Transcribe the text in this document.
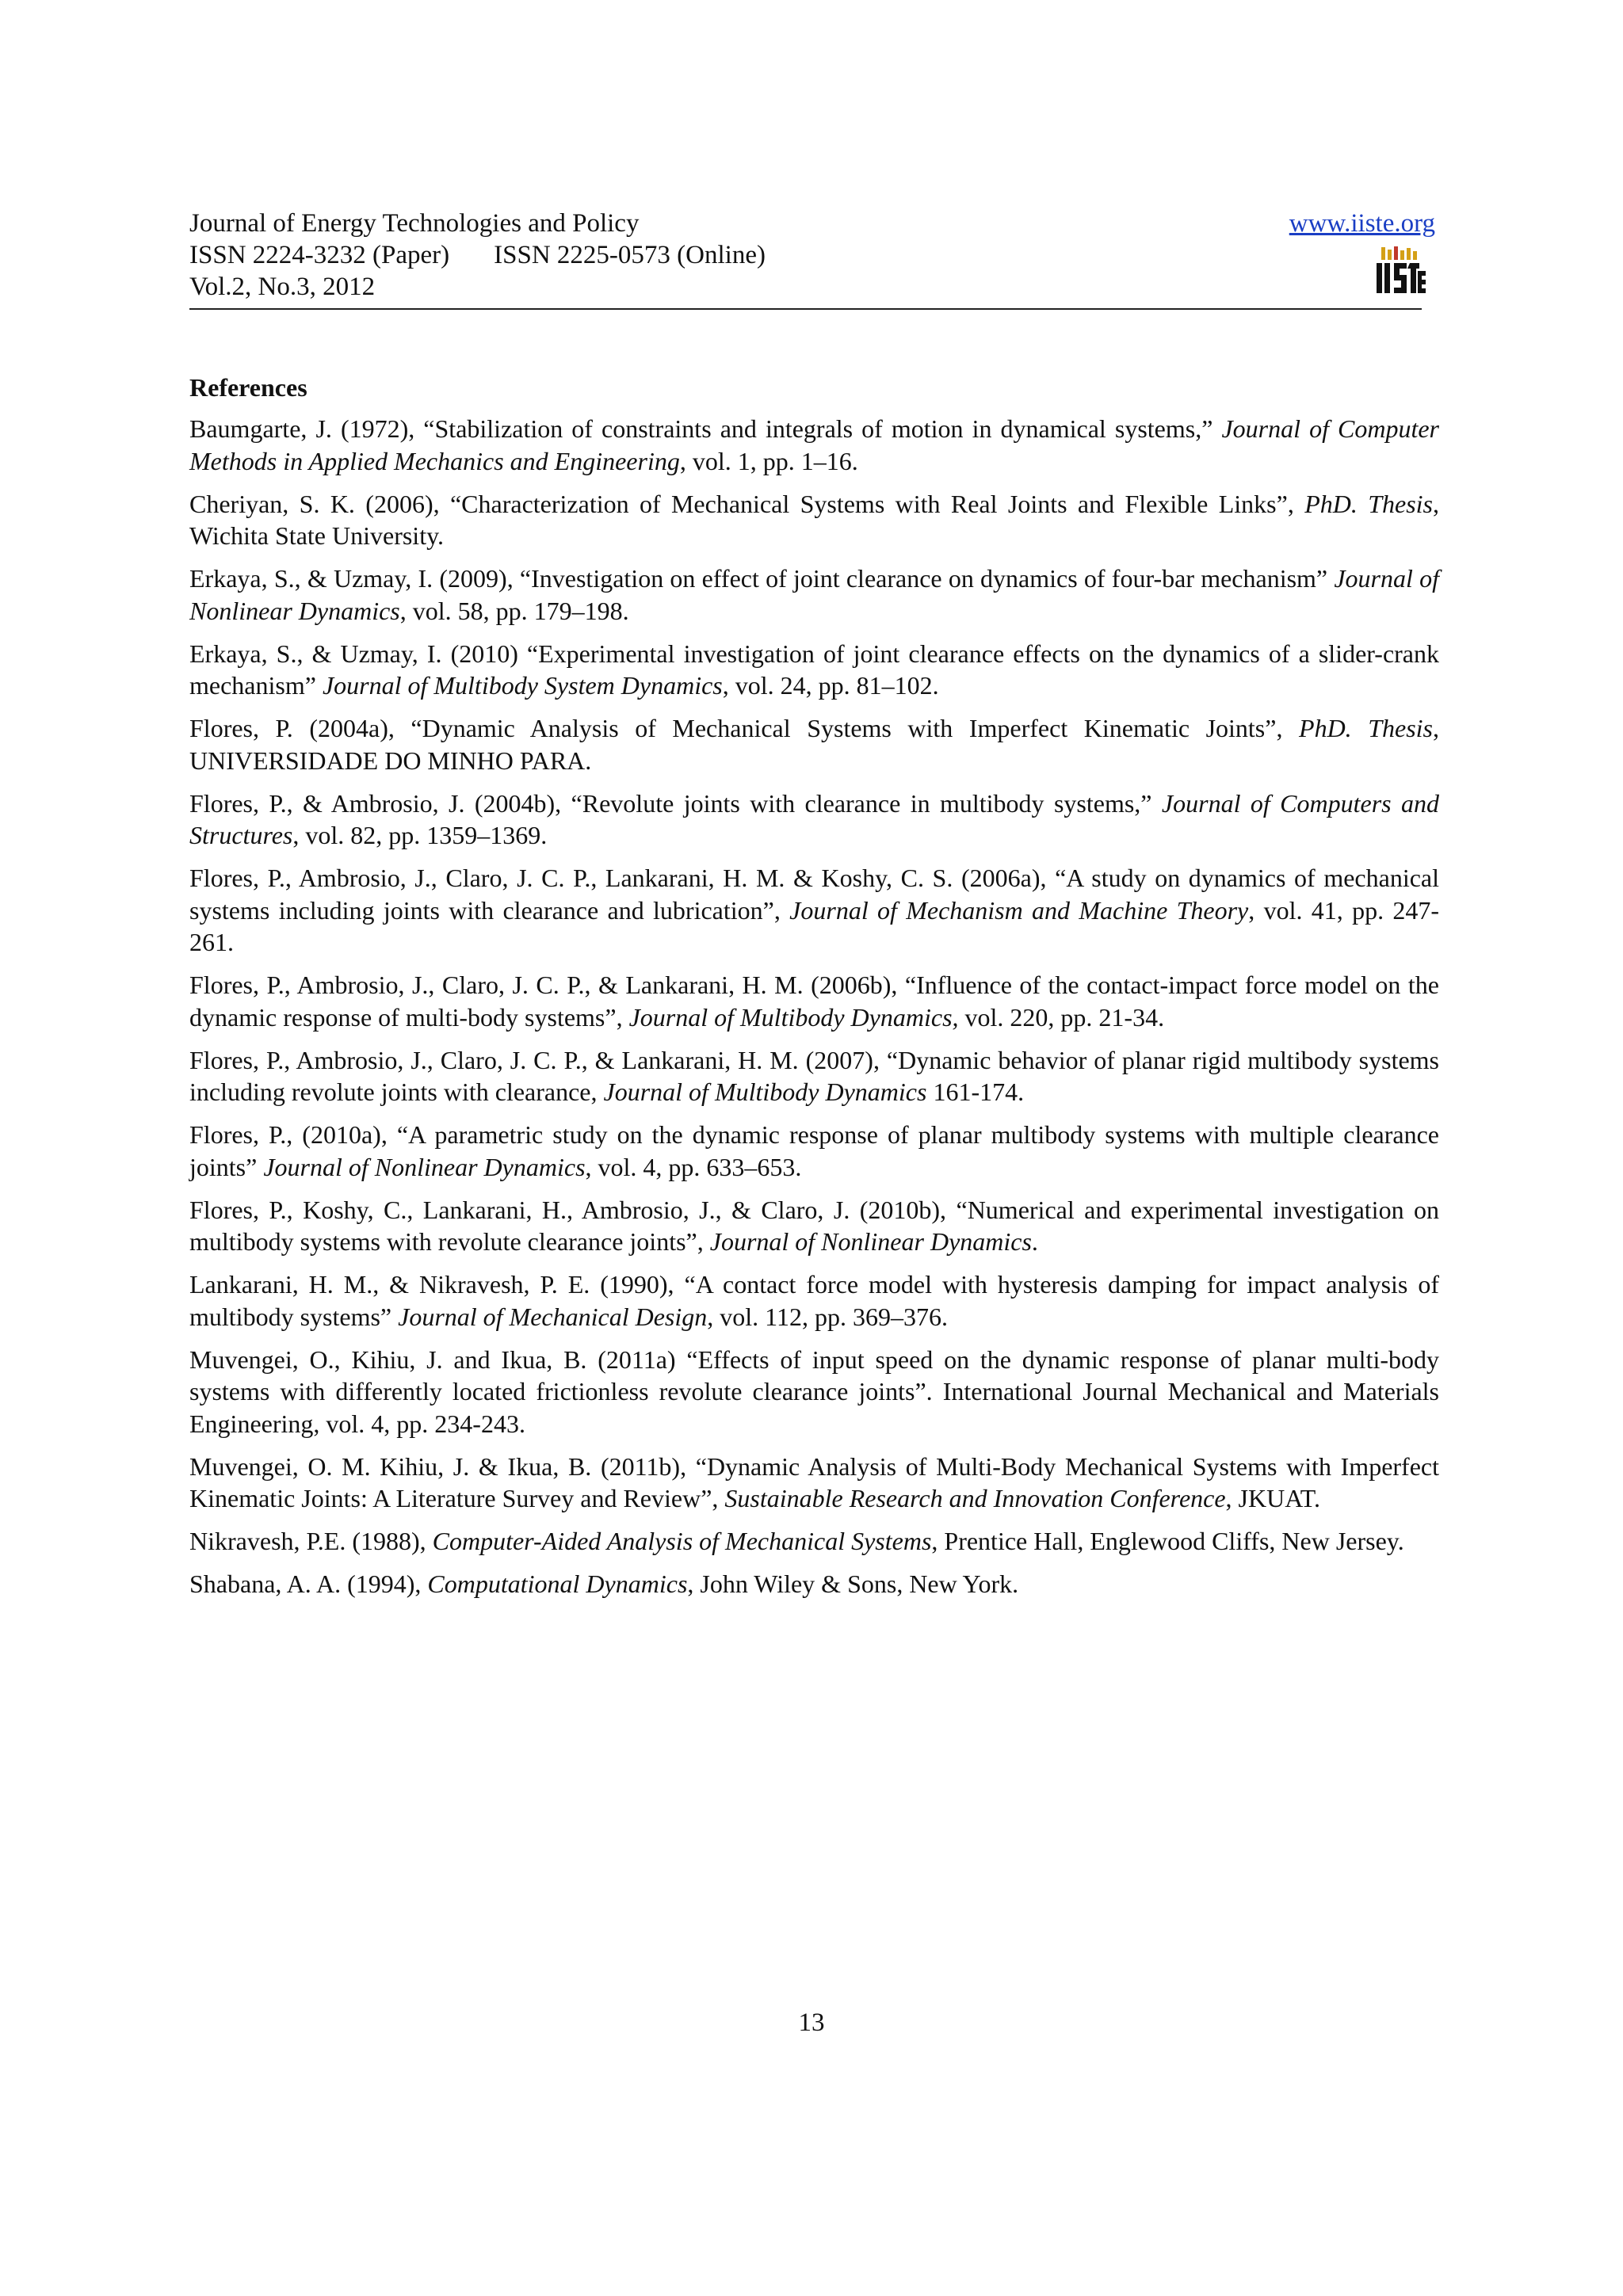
Journal of Energy Technologies and Policy
ISSN 2224-3232 (Paper) ISSN 2225-0573 (Online)
Vol.2, No.3, 2012
www.iiste.org
References
Baumgarte, J. (1972), “Stabilization of constraints and integrals of motion in dynamical systems,” Journal of Computer Methods in Applied Mechanics and Engineering, vol. 1, pp. 1–16.
Cheriyan, S. K. (2006), “Characterization of Mechanical Systems with Real Joints and Flexible Links”, PhD. Thesis, Wichita State University.
Erkaya, S., & Uzmay, I. (2009), “Investigation on effect of joint clearance on dynamics of four-bar mechanism” Journal of Nonlinear Dynamics, vol. 58, pp. 179–198.
Erkaya, S., & Uzmay, I. (2010) “Experimental investigation of joint clearance effects on the dynamics of a slider-crank mechanism” Journal of Multibody System Dynamics, vol. 24, pp. 81–102.
Flores, P. (2004a), “Dynamic Analysis of Mechanical Systems with Imperfect Kinematic Joints”, PhD. Thesis, UNIVERSIDADE DO MINHO PARA.
Flores, P., & Ambrosio, J. (2004b), “Revolute joints with clearance in multibody systems,” Journal of Computers and Structures, vol. 82, pp. 1359–1369.
Flores, P., Ambrosio, J., Claro, J. C. P., Lankarani, H. M. & Koshy, C. S. (2006a), “A study on dynamics of mechanical systems including joints with clearance and lubrication”, Journal of Mechanism and Machine Theory, vol. 41, pp. 247-261.
Flores, P., Ambrosio, J., Claro, J. C. P., & Lankarani, H. M. (2006b), “Influence of the contact-impact force model on the dynamic response of multi-body systems”, Journal of Multibody Dynamics, vol. 220, pp. 21-34.
Flores, P., Ambrosio, J., Claro, J. C. P., & Lankarani, H. M. (2007), “Dynamic behavior of planar rigid multibody systems including revolute joints with clearance, Journal of Multibody Dynamics 161-174.
Flores, P., (2010a), “A parametric study on the dynamic response of planar multibody systems with multiple clearance joints” Journal of Nonlinear Dynamics, vol. 4, pp. 633–653.
Flores, P., Koshy, C., Lankarani, H., Ambrosio, J., & Claro, J. (2010b), “Numerical and experimental investigation on multibody systems with revolute clearance joints”, Journal of Nonlinear Dynamics.
Lankarani, H. M., & Nikravesh, P. E. (1990), “A contact force model with hysteresis damping for impact analysis of multibody systems” Journal of Mechanical Design, vol. 112, pp. 369–376.
Muvengei, O., Kihiu, J. and Ikua, B. (2011a) “Effects of input speed on the dynamic response of planar multi-body systems with differently located frictionless revolute clearance joints”. International Journal Mechanical and Materials Engineering, vol. 4, pp. 234-243.
Muvengei, O. M. Kihiu, J. & Ikua, B. (2011b), “Dynamic Analysis of Multi-Body Mechanical Systems with Imperfect Kinematic Joints: A Literature Survey and Review”, Sustainable Research and Innovation Conference, JKUAT.
Nikravesh, P.E. (1988), Computer-Aided Analysis of Mechanical Systems, Prentice Hall, Englewood Cliffs, New Jersey.
Shabana, A. A. (1994), Computational Dynamics, John Wiley & Sons, New York.
13
